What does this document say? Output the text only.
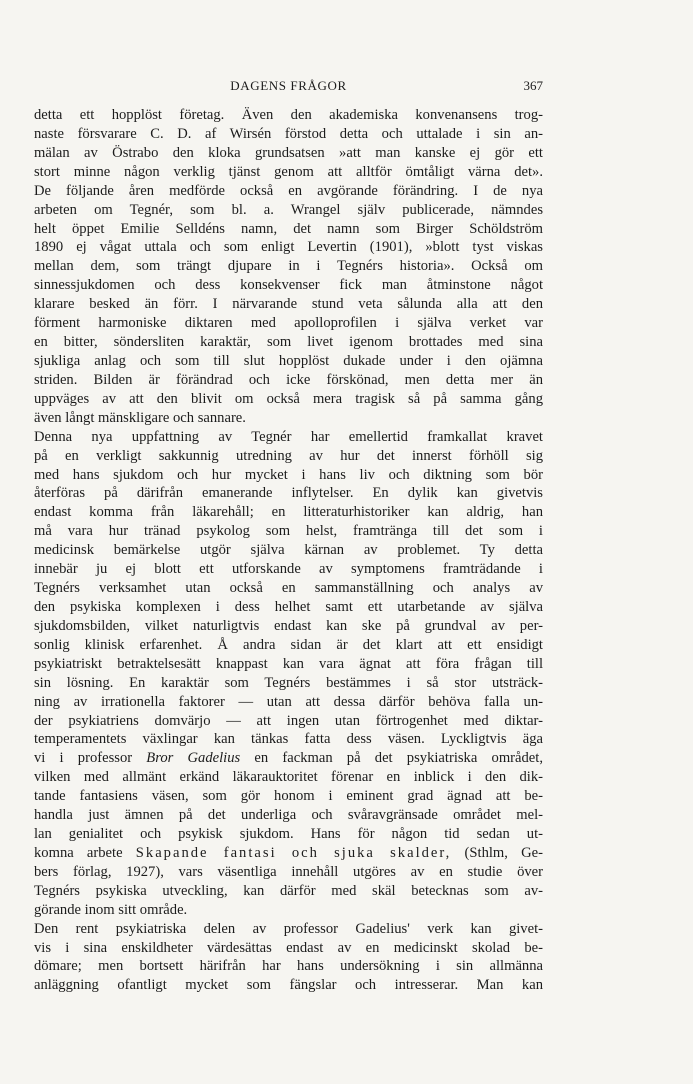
DAGENS FRÅGOR	367
detta ett hopplöst företag. Även den akademiska konvenansens trog-
naste försvarare C. D. af Wirsén förstod detta och uttalade i sin an-
mälan av Östrabo den kloka grundsatsen »att man kanske ej gör ett
stort minne någon verklig tjänst genom att alltför ömtåligt värna det».
De följande åren medförde också en avgörande förändring. I de nya
arbeten om Tegnér, som bl. a. Wrangel själv publicerade, nämndes
helt öppet Emilie Selldéns namn, det namn som Birger Schöldström
1890 ej vågat uttala och som enligt Levertin (1901), »blott tyst viskas
mellan dem, som trängt djupare in i Tegnérs historia». Också om
sinnessjukdomen och dess konsekvenser fick man åtminstone något
klarare besked än förr. I närvarande stund veta sålunda alla att den
förment harmoniske diktaren med apolloprofilen i själva verket var
en bitter, söndersliten karaktär, som livet igenom brottades med sina
sjukliga anlag och som till slut hopplöst dukade under i den ojämna
striden. Bilden är förändrad och icke förskönad, men detta mer än
uppväges av att den blivit om också mera tragisk så på samma gång
även långt mänskligare och sannare.
Denna nya uppfattning av Tegnér har emellertid framkallat kravet
på en verkligt sakkunnig utredning av hur det innerst förhöll sig
med hans sjukdom och hur mycket i hans liv och diktning som bör
återföras på därifrån emanerande inflytelser. En dylik kan givetvis
endast komma från läkarehåll; en litteraturhistoriker kan aldrig, han
må vara hur tränad psykolog som helst, framtränga till det som i
medicinsk bemärkelse utgör själva kärnan av problemet. Ty detta
innebär ju ej blott ett utforskande av symptomens framträdande i
Tegnérs verksamhet utan också en sammanställning och analys av
den psykiska komplexen i dess helhet samt ett utarbetande av själva
sjukdomsbilden, vilket naturligtvis endast kan ske på grundval av per-
sonlig klinisk erfarenhet. Å andra sidan är det klart att ett ensidigt
psykiatriskt betraktelsesätt knappast kan vara ägnat att föra frågan till
sin lösning. En karaktär som Tegnérs bestämmes i så stor utsträck-
ning av irrationella faktorer — utan att dessa därför behöva falla un-
der psykiatriens domvärjo — att ingen utan förtrogenhet med diktar-
temperamentets växlingar kan tänkas fatta dess väsen. Lyckligtvis äga
vi i professor Bror Gadelius en fackman på det psykiatriska området,
vilken med allmänt erkänd läkarauktoritet förenar en inblick i den dik-
tande fantasiens väsen, som gör honom i eminent grad ägnad att be-
handla just ämnen på det underliga och svåravgränsade området mel-
lan genialitet och psykisk sjukdom. Hans för någon tid sedan ut-
komna arbete Skapande fantasi och sjuka skalder, (Sthlm, Ge-
bers förlag, 1927), vars väsentliga innehåll utgöres av en studie över
Tegnérs psykiska utveckling, kan därför med skäl betecknas som av-
görande inom sitt område.
Den rent psykiatriska delen av professor Gadelius' verk kan givet-
vis i sina enskildheter värdesättas endast av en medicinskt skolad be-
dömare; men bortsett härifrån har hans undersökning i sin allmänna
anläggning ofantligt mycket som fängslar och intresserar. Man kan
